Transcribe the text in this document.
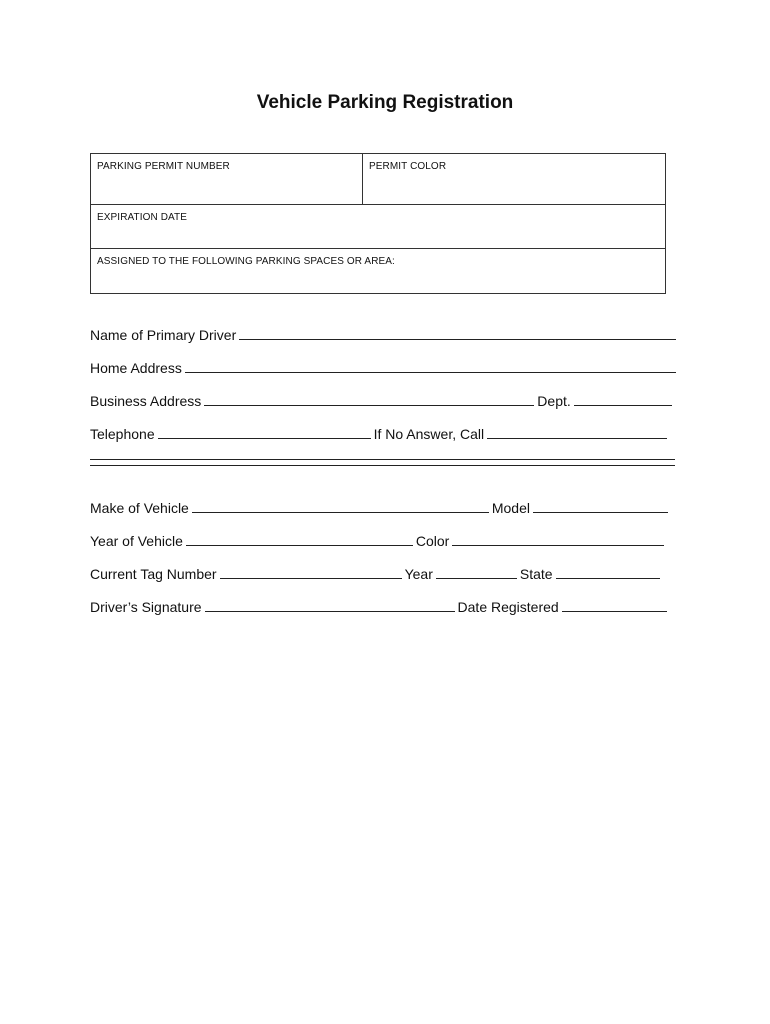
Vehicle Parking Registration
PARKING PERMIT NUMBER	PERMIT COLOR
EXPIRATION DATE
ASSIGNED TO THE FOLLOWING PARKING SPACES OR AREA:
Name of Primary Driver
Home Address
Business Address	Dept.
Telephone	If No Answer, Call
Make of Vehicle	Model
Year of Vehicle	Color
Current Tag Number	Year	State
Driver’s Signature	Date Registered
